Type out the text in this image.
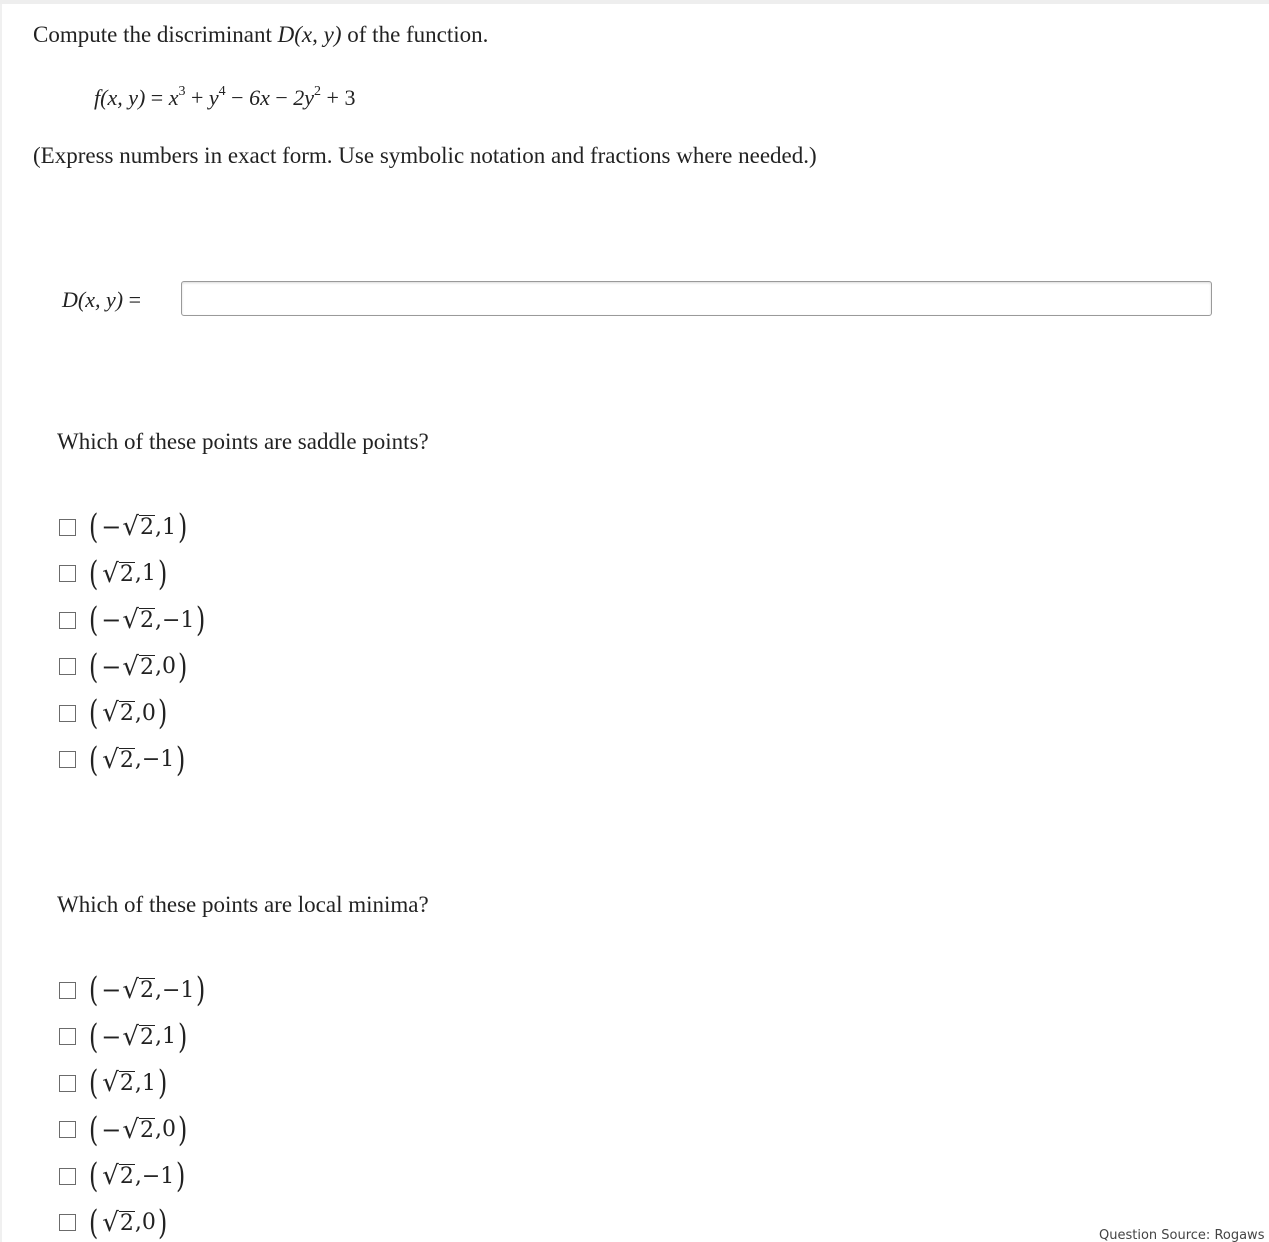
Compute the discriminant D(x, y) of the function.
f(x, $y) = x^3 + y^4 - 6x - 2y^2 + 3$
(Express numbers in exact form. Use symbolic notation and fractions where needed.)
D(x, y) =
Which of these points are saddle points?
( − √ 2 , 1 )
( √ 2 , 1 )
( − √ 2 , −1 )
( − √ 2 , 0 )
( √ 2 , 0 )
( √ 2 , −1 )
Which of these points are local minima?
( − √ 2 , −1 )
( − √ 2 , 1 )
( √ 2 , 1 )
( − √ 2 , 0 )
( √ 2 , −1 )
( √ 2 , 0 )	Question Source: Rogaws
